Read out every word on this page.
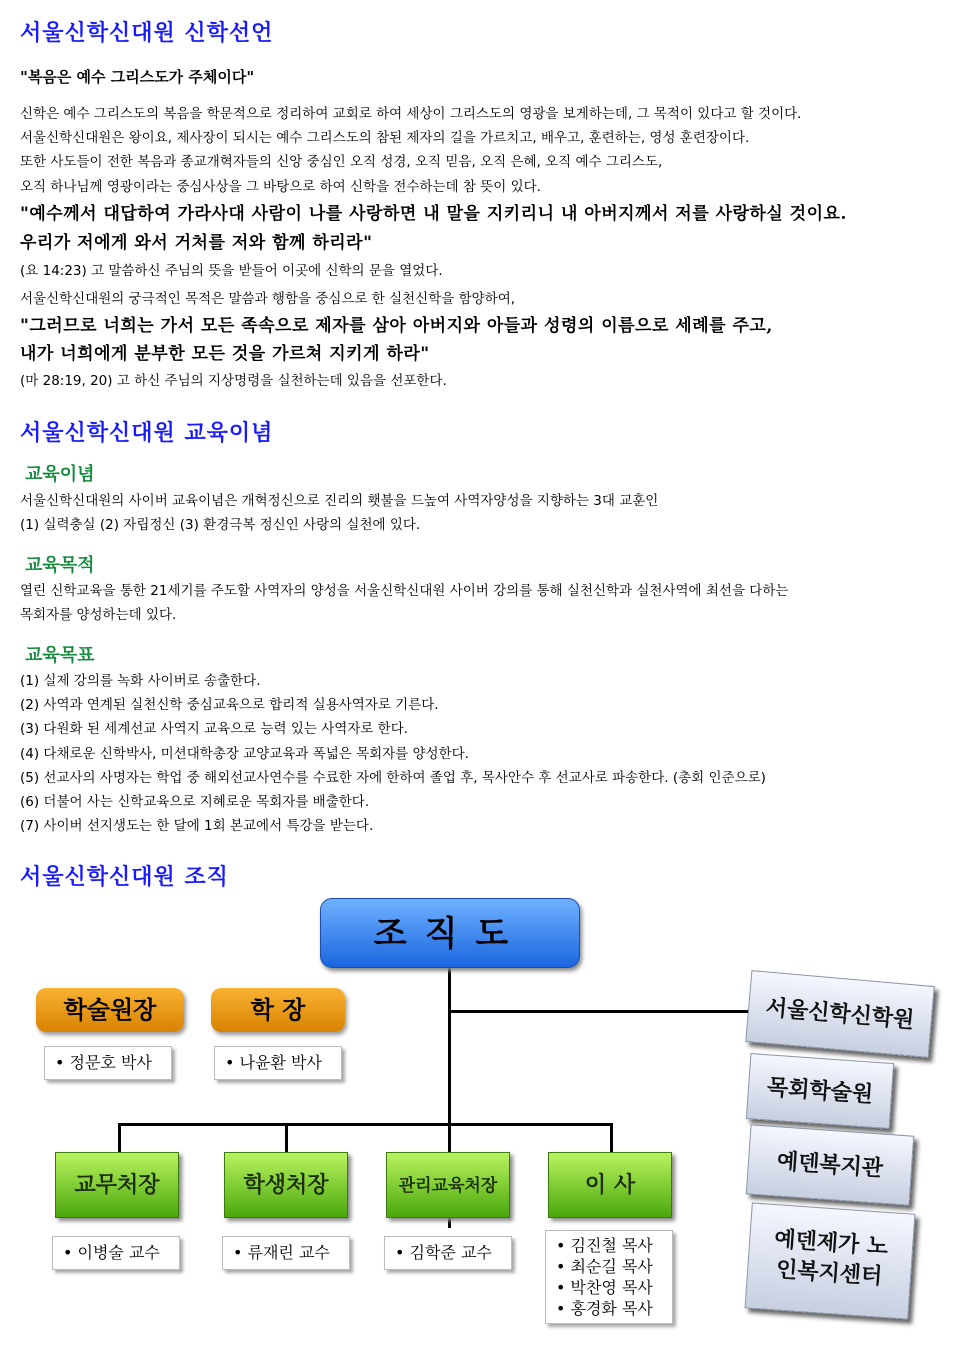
서울신학신대원 신학선언
"복음은 예수 그리스도가 주체이다"
신학은 예수 그리스도의 복음을 학문적으로 정리하여 교회로 하여 세상이 그리스도의 영광을 보게하는데, 그 목적이 있다고 할 것이다.
서울신학신대원은 왕이요, 제사장이 되시는 예수 그리스도의 참된 제자의 길을 가르치고, 배우고, 훈련하는, 영성 훈련장이다.
또한 사도들이 전한 복음과 종교개혁자들의 신앙 중심인 오직 성경, 오직 믿음, 오직 은혜, 오직 예수 그리스도,
오직 하나님께 영광이라는 중심사상을 그 바탕으로 하여 신학을 전수하는데 참 뜻이 있다.
"예수께서 대답하여 가라사대 사람이 나를 사랑하면 내 말을 지키리니 내 아버지께서 저를 사랑하실 것이요.
우리가 저에게 와서 거처를 저와 함께 하리라"
(요 14:23) 고 말씀하신 주님의 뜻을 받들어 이곳에 신학의 문을 열었다.
서울신학신대원의 궁극적인 목적은 말씀과 행함을 중심으로 한 실천신학을 함양하여,
"그러므로 너희는 가서 모든 족속으로 제자를 삼아 아버지와 아들과 성령의 이름으로 세례를 주고,
내가 너희에게 분부한 모든 것을 가르쳐 지키게 하라"
(마 28:19, 20) 고 하신 주님의 지상명령을 실천하는데 있음을 선포한다.
서울신학신대원 교육이념
교육이념
서울신학신대원의 사이버 교육이념은 개혁정신으로 진리의 횃불을 드높여 사역자양성을 지향하는 3대 교훈인
(1) 실력충실 (2) 자립정신 (3) 환경극복 정신인 사랑의 실천에 있다.
교육목적
열린 신학교육을 통한 21세기를 주도할 사역자의 양성을 서울신학신대원 사이버 강의를 통해 실천신학과 실천사역에 최선을 다하는
목회자를 양성하는데 있다.
교육목표
(1) 실제 강의를 녹화 사이버로 송출한다.
(2) 사역과 연계된 실천신학 중심교육으로 합리적 실용사역자로 기른다.
(3) 다원화 된 세계선교 사역지 교육으로 능력 있는 사역자로 한다.
(4) 다채로운 신학박사, 미션대학총장 교양교육과 폭넓은 목회자를 양성한다.
(5) 선교사의 사명자는 학업 중 해외선교사연수를 수료한 자에 한하여 졸업 후, 목사안수 후 선교사로 파송한다. (총회 인준으로)
(6) 더불어 사는 신학교육으로 지혜로운 목회자를 배출한다.
(7) 사이버 선지생도는 한 달에 1회 본교에서 특강을 받는다.
서울신학신대원 조직
조직도
학술원장
• 정문호 박사
학 장
• 나윤환 박사
교무처장
• 이병술 교수
학생처장
• 류재린 교수
관리교육처장
• 김학준 교수
이 사
• 김진철 목사
• 최순길 목사
• 박찬영 목사
• 홍경화 목사
서울신학신학원
목회학술원
예덴복지관
예덴제가 노인복지센터
